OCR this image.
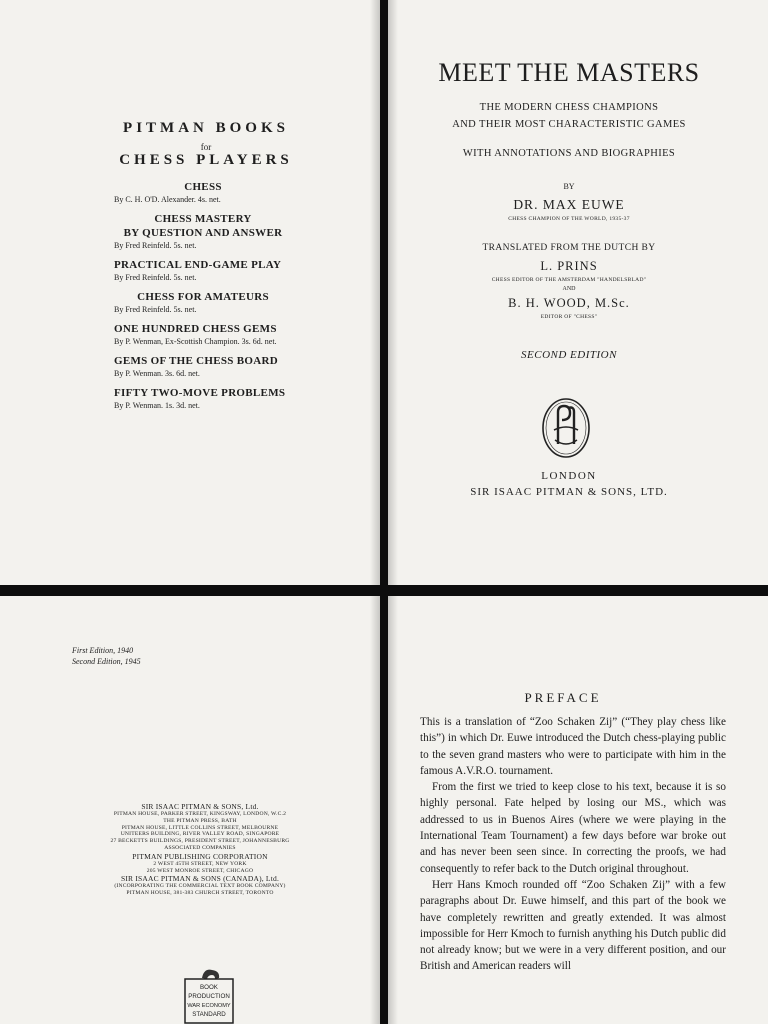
PITMAN BOOKS
for
CHESS PLAYERS
CHESS
By C. H. O'D. Alexander. 4s. net.
CHESS MASTERY
BY QUESTION AND ANSWER
By Fred Reinfeld. 5s. net.
PRACTICAL END-GAME PLAY
By Fred Reinfeld. 5s. net.
CHESS FOR AMATEURS
By Fred Reinfeld. 5s. net.
ONE HUNDRED CHESS GEMS
By P. Wenman, Ex-Scottish Champion. 3s. 6d. net.
GEMS OF THE CHESS BOARD
By P. Wenman. 3s. 6d. net.
FIFTY TWO-MOVE PROBLEMS
By P. Wenman. 1s. 3d. net.
MEET THE MASTERS
THE MODERN CHESS CHAMPIONS
AND THEIR MOST CHARACTERISTIC GAMES
WITH ANNOTATIONS AND BIOGRAPHIES
BY
DR. MAX EUWE
CHESS CHAMPION OF THE WORLD, 1935-37
TRANSLATED FROM THE DUTCH BY
L. PRINS
CHESS EDITOR OF THE AMSTERDAM "HANDELSBLAD"
AND
B. H. WOOD, M.Sc.
EDITOR OF "CHESS"
SECOND EDITION
LONDON
SIR ISAAC PITMAN & SONS, LTD.
First Edition, 1940
Second Edition, 1945
SIR ISAAC PITMAN & SONS, Ltd.
PITMAN HOUSE, PARKER STREET, KINGSWAY, LONDON, W.C.2
THE PITMAN PRESS, BATH
PITMAN HOUSE, LITTLE COLLINS STREET, MELBOURNE
UNITEERS BUILDING, RIVER VALLEY ROAD, SINGAPORE
27 BECKETTS BUILDINGS, PRESIDENT STREET, JOHANNESBURG
ASSOCIATED COMPANIES
PITMAN PUBLISHING CORPORATION
2 WEST 45TH STREET, NEW YORK
205 WEST MONROE STREET, CHICAGO
SIR ISAAC PITMAN & SONS (CANADA), Ltd.
(INCORPORATING THE COMMERCIAL TEXT BOOK COMPANY)
PITMAN HOUSE, 381-383 CHURCH STREET, TORONTO
BOOK
PRODUCTION
WAR ECONOMY
STANDARD
PREFACE

This is a translation of “Zoo Schaken Zij” (“They play chess like this”) in which Dr. Euwe introduced the Dutch chess-playing public to the seven grand masters who were to participate with him in the famous A.V.R.O. tournament.

From the first we tried to keep close to his text, because it is so highly personal. Fate helped by losing our MS., which was addressed to us in Buenos Aires (where we were playing in the International Team Tournament) a few days before war broke out and has never been seen since. In correcting the proofs, we had consequently to refer back to the Dutch original throughout.

Herr Hans Kmoch rounded off “Zoo Schaken Zij” with a few paragraphs about Dr. Euwe himself, and this part of the book we have completely rewritten and greatly extended. It was almost impossible for Herr Kmoch to furnish anything his Dutch public did not already know; but we were in a very different position, and our British and American readers will
